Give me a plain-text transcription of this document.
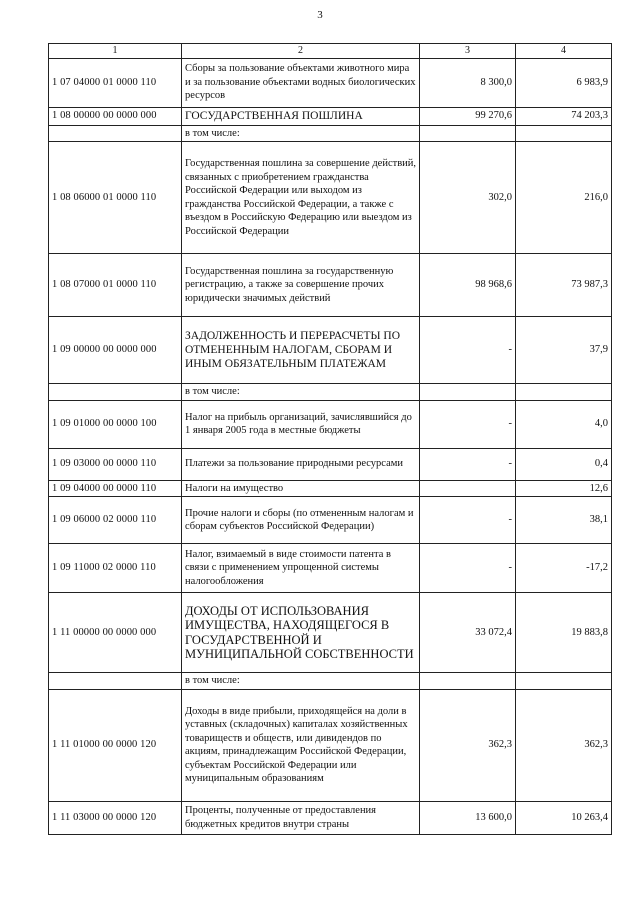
3
1	2	3	4
1 07 04000 01 0000 110	Сборы за пользование объектами животного мира и за пользование объектами водных биологических ресурсов	8 300,0	6 983,9
1 08 00000 00 0000 000	ГОСУДАРСТВЕННАЯ ПОШЛИНА	99 270,6	74 203,3
	в том числе:		
1 08 06000 01 0000 110	Государственная пошлина за совершение действий, связанных с приобретением гражданства Российской Федерации или выходом из гражданства Российской Федерации, а также с въездом в Российскую Федерацию или выездом из Российской Федерации	302,0	216,0
1 08 07000 01 0000 110	Государственная пошлина за государственную регистрацию, а также за совершение прочих юридически значимых действий	98 968,6	73 987,3
1 09 00000 00 0000 000	ЗАДОЛЖЕННОСТЬ И ПЕРЕРАСЧЕТЫ ПО ОТМЕНЕННЫМ НАЛОГАМ, СБОРАМ И ИНЫМ ОБЯЗАТЕЛЬНЫМ ПЛАТЕЖАМ	-	37,9
	в том числе:		
1 09 01000 00 0000 100	Налог на прибыль организаций, зачислявшийся до 1 января 2005 года в местные бюджеты	-	4,0
1 09 03000 00 0000 110	Платежи за пользование природными ресурсами	-	0,4
1 09 04000 00 0000 110	Налоги на имущество		12,6
1 09 06000 02 0000 110	Прочие налоги и сборы (по отмененным налогам и сборам субъектов Российской Федерации)	-	38,1
1 09 11000 02 0000 110	Налог, взимаемый в виде стоимости патента в связи с применением упрощенной системы налогообложения	-	-17,2
1 11 00000 00 0000 000	ДОХОДЫ ОТ ИСПОЛЬЗОВАНИЯ ИМУЩЕСТВА, НАХОДЯЩЕГОСЯ В ГОСУДАРСТВЕННОЙ И МУНИЦИПАЛЬНОЙ СОБСТВЕННОСТИ	33 072,4	19 883,8
	в том числе:		
1 11 01000 00 0000 120	Доходы в виде прибыли, приходящейся на доли в уставных (складочных) капиталах хозяйственных товариществ и обществ, или дивидендов по акциям, принадлежащим Российской Федерации, субъектам Российской Федерации или муниципальным образованиям	362,3	362,3
1 11 03000 00 0000 120	Проценты, полученные от предоставления бюджетных кредитов внутри страны	13 600,0	10 263,4
